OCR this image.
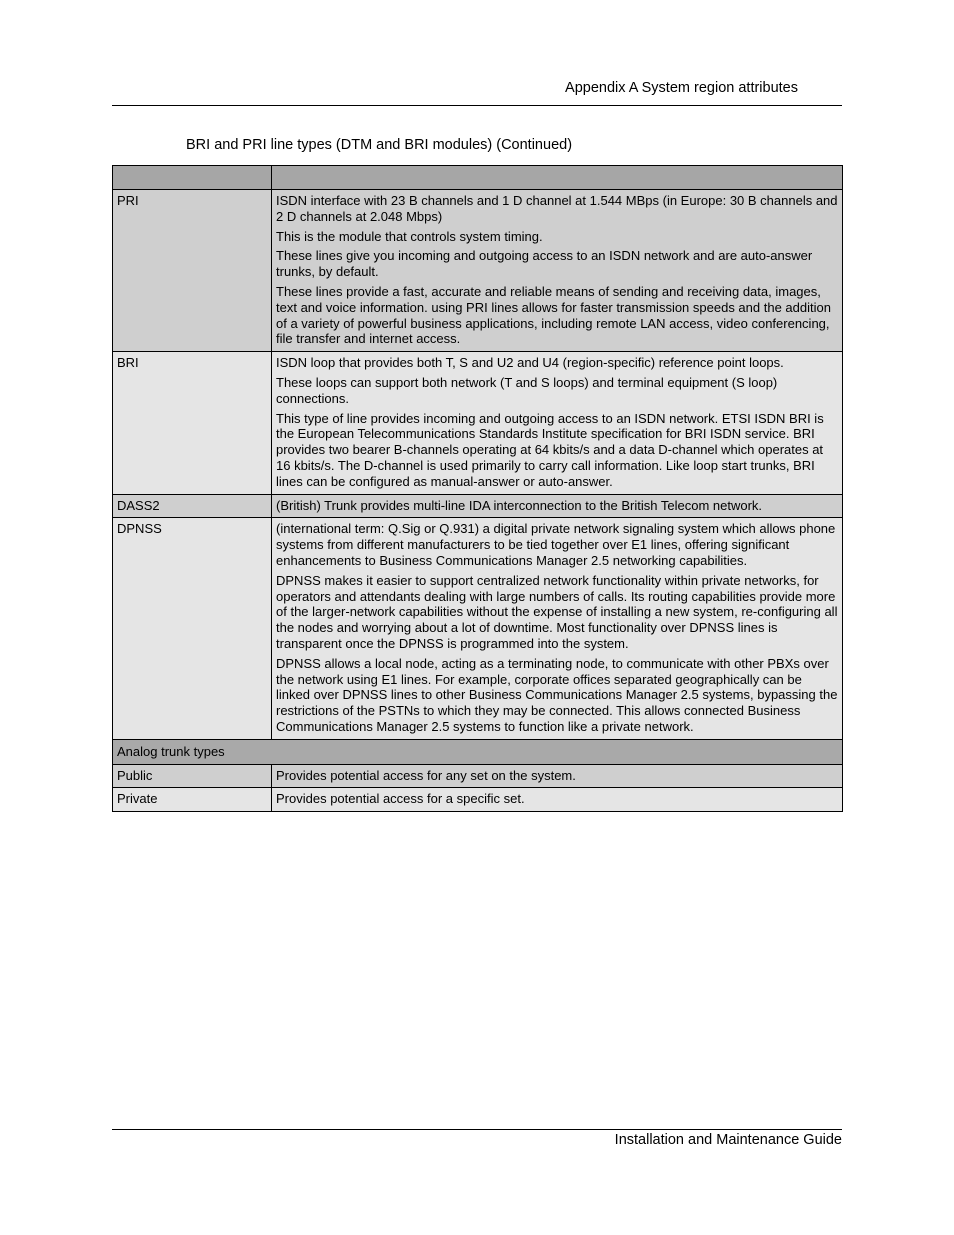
Appendix A System region attributes
BRI and PRI line types (DTM and BRI modules) (Continued)

PRI	ISDN interface with 23 B channels and 1 D channel at 1.544 MBps (in Europe: 30 B channels and 2 D channels at 2.048 Mbps)

This is the module that controls system timing.

These lines give you incoming and outgoing access to an ISDN network and are auto-answer trunks, by default.

These lines provide a fast, accurate and reliable means of sending and receiving data, images, text and voice information. using PRI lines allows for faster transmission speeds and the addition of a variety of powerful business applications, including remote LAN access, video conferencing, file transfer and internet access.

BRI	ISDN loop that provides both T, S and U2 and U4 (region-specific) reference point loops.

These loops can support both network (T and S loops) and terminal equipment (S loop) connections.

This type of line provides incoming and outgoing access to an ISDN network. ETSI ISDN BRI is the European Telecommunications Standards Institute specification for BRI ISDN service. BRI provides two bearer B-channels operating at 64 kbits/s and a data D-channel which operates at 16 kbits/s. The D-channel is used primarily to carry call information. Like loop start trunks, BRI lines can be configured as manual-answer or auto-answer.

DASS2	(British) Trunk provides multi-line IDA interconnection to the British Telecom network.

DPNSS	(international term: Q.Sig or Q.931) a digital private network signaling system which allows phone systems from different manufacturers to be tied together over E1 lines, offering significant enhancements to Business Communications Manager 2.5 networking capabilities.

DPNSS makes it easier to support centralized network functionality within private networks, for operators and attendants dealing with large numbers of calls. Its routing capabilities provide more of the larger-network capabilities without the expense of installing a new system, re-configuring all the nodes and worrying about a lot of downtime. Most functionality over DPNSS lines is transparent once the DPNSS is programmed into the system.

DPNSS allows a local node, acting as a terminating node, to communicate with other PBXs over the network using E1 lines. For example, corporate offices separated geographically can be linked over DPNSS lines to other Business Communications Manager 2.5 systems, bypassing the restrictions of the PSTNs to which they may be connected. This allows connected Business Communications Manager 2.5 systems to function like a private network.

Analog trunk types	
Public	Provides potential access for any set on the system.
Private	Provides potential access for a specific set.
Installation and Maintenance Guide
